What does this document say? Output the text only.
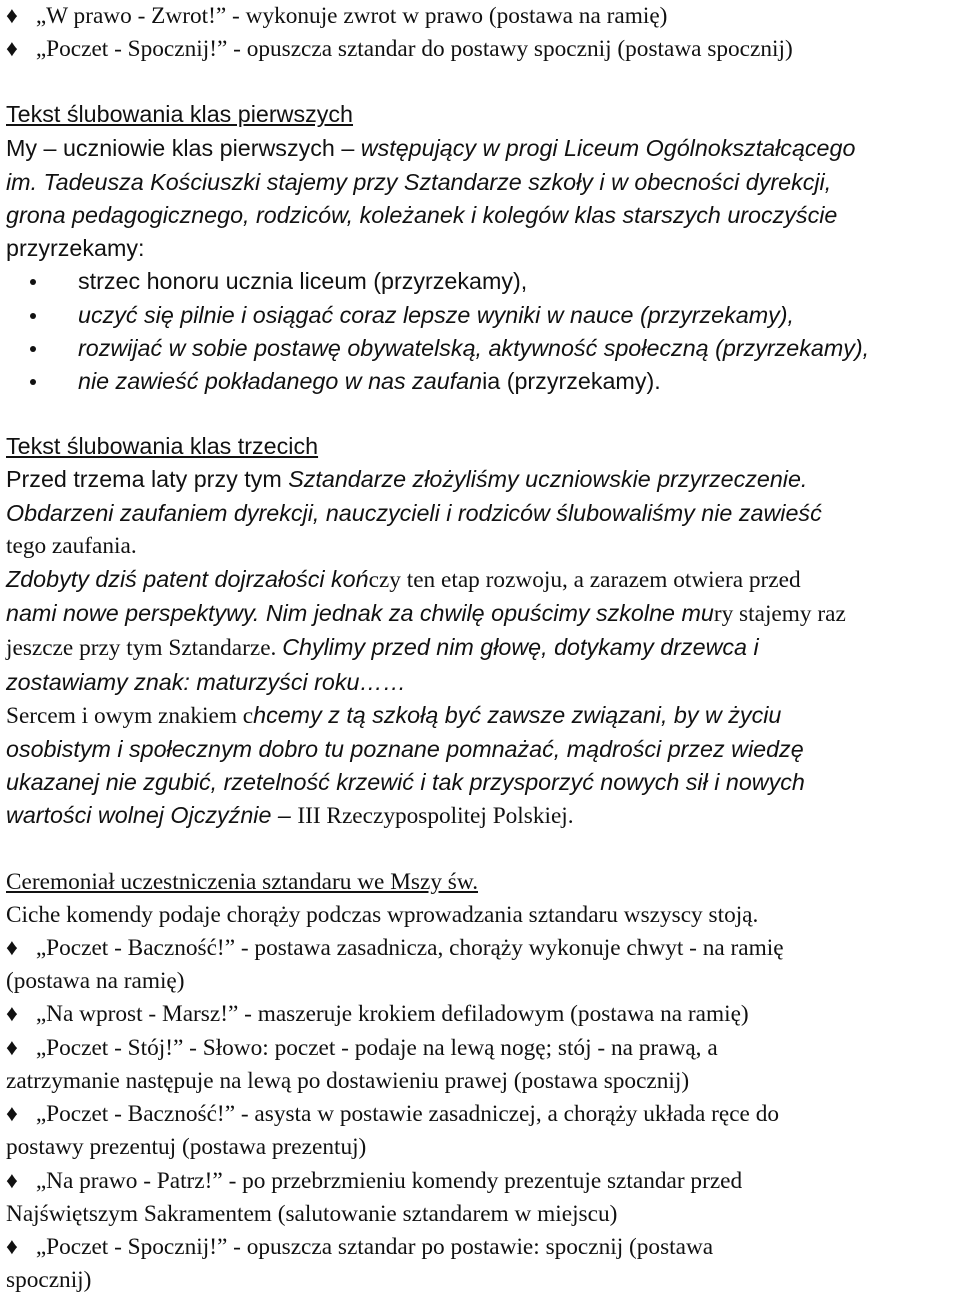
♦ „W prawo - Zwrot!” - wykonuje zwrot w prawo (postawa na ramię)
♦ „Poczet - Spocznij!” - opuszcza sztandar do postawy spocznij (postawa spocznij)
Tekst ślubowania klas pierwszych
My – uczniowie klas pierwszych – wstępujący w progi Liceum Ogólnokształcącego
im. Tadeusza Kościuszki stajemy przy Sztandarze szkoły i w obecności dyrekcji,
grona pedagogicznego, rodziców, koleżanek i kolegów klas starszych uroczyście
przyrzekamy:
strzec honoru ucznia liceum (przyrzekamy),
uczyć się pilnie i osiągać coraz lepsze wyniki w nauce (przyrzekamy),
rozwijać w sobie postawę obywatelską, aktywność społeczną (przyrzekamy),
nie zawieść pokładanego w nas zaufania (przyrzekamy).
Tekst ślubowania klas trzecich
Przed trzema laty przy tym Sztandarze złożyliśmy uczniowskie przyrzeczenie.
Obdarzeni zaufaniem dyrekcji, nauczycieli i rodziców ślubowaliśmy nie zawieść
tego zaufania.
Zdobyty dziś patent dojrzałości kończy ten etap rozwoju, a zarazem otwiera przed
nami nowe perspektywy. Nim jednak za chwilę opuścimy szkolne mury stajemy raz
jeszcze przy tym Sztandarze. Chylimy przed nim głowę, dotykamy drzewca i
zostawiamy znak: maturzyści roku……
Sercem i owym znakiem chcemy z tą szkołą być zawsze związani, by w życiu
osobistym i społecznym dobro tu poznane pomnażać, mądrości przez wiedzę
ukazanej nie zgubić, rzetelność krzewić i tak przysporzyć nowych sił i nowych
wartości wolnej Ojczyźnie – III Rzeczypospolitej Polskiej.
Ceremoniał uczestniczenia sztandaru we Mszy św.
Ciche komendy podaje chorąży podczas wprowadzania sztandaru wszyscy stoją.
♦ „Poczet - Baczność!” - postawa zasadnicza, chorąży wykonuje chwyt - na ramię
(postawa na ramię)
♦ „Na wprost - Marsz!” - maszeruje krokiem defiladowym (postawa na ramię)
♦ „Poczet - Stój!” - Słowo: poczet - podaje na lewą nogę; stój - na prawą, a
zatrzymanie następuje na lewą po dostawieniu prawej (postawa spocznij)
♦ „Poczet - Baczność!” - asysta w postawie zasadniczej, a chorąży układa ręce do
postawy prezentuj (postawa prezentuj)
♦ „Na prawo - Patrz!” - po przebrzmieniu komendy prezentuje sztandar przed
Najświętszym Sakramentem (salutowanie sztandarem w miejscu)
♦ „Poczet - Spocznij!” - opuszcza sztandar po postawie: spocznij (postawa
spocznij)
